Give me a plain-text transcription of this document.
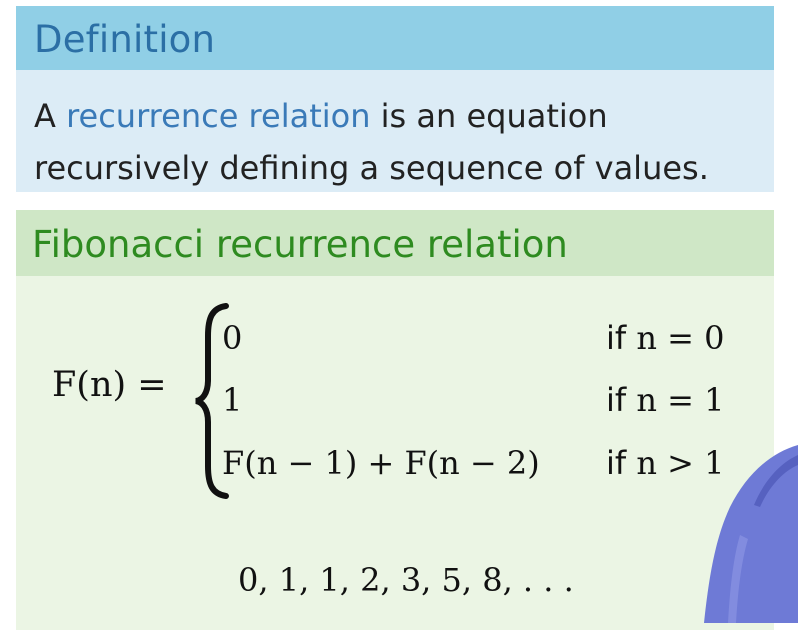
Definition
A recurrence relation is an equation
recursively defining a sequence of values.
Fibonacci recurrence relation
F(n) =
0	if n = 0
1	if n = 1
F(n − 1) + F(n − 2) if n > 1
0, 1, 1, 2, 3, 5, 8, . . .
